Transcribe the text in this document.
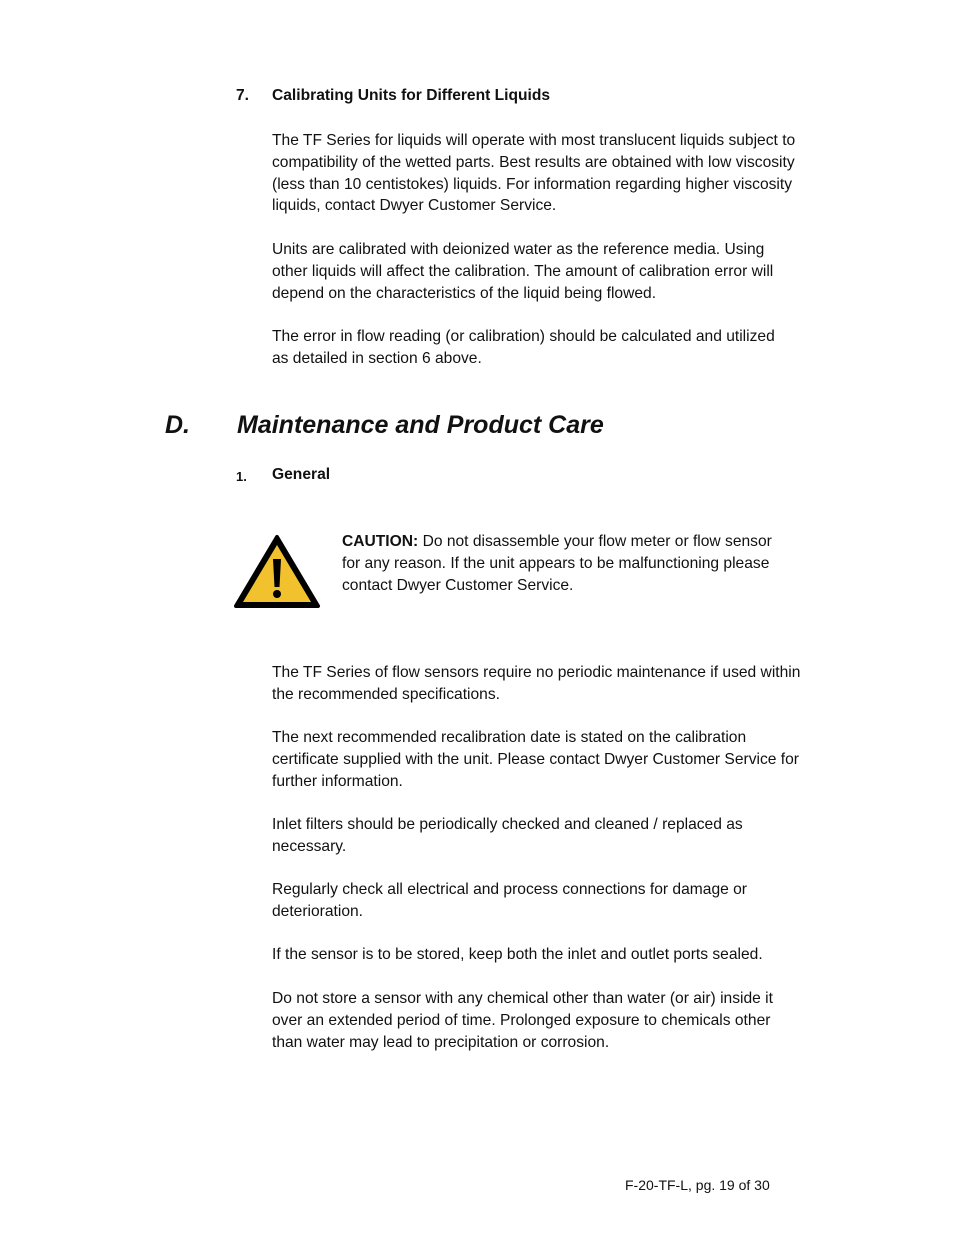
7. Calibrating Units for Different Liquids
The TF Series for liquids will operate with most translucent liquids subject to
compatibility of the wetted parts. Best results are obtained with low viscosity
(less than 10 centistokes) liquids. For information regarding higher viscosity
liquids, contact Dwyer Customer Service.
Units are calibrated with deionized water as the reference media. Using
other liquids will affect the calibration. The amount of calibration error will
depend on the characteristics of the liquid being flowed.
The error in flow reading (or calibration) should be calculated and utilized
as detailed in section 6 above.
D. Maintenance and Product Care
1. General
CAUTION: Do not disassemble your flow meter or flow sensor
for any reason. If the unit appears to be malfunctioning please
contact Dwyer Customer Service.
The TF Series of flow sensors require no periodic maintenance if used within
the recommended specifications.
The next recommended recalibration date is stated on the calibration
certificate supplied with the unit. Please contact Dwyer Customer Service for
further information.
Inlet filters should be periodically checked and cleaned / replaced as
necessary.
Regularly check all electrical and process connections for damage or
deterioration.
If the sensor is to be stored, keep both the inlet and outlet ports sealed.
Do not store a sensor with any chemical other than water (or air) inside it
over an extended period of time. Prolonged exposure to chemicals other
than water may lead to precipitation or corrosion.
F-20-TF-L, pg. 19 of 30
